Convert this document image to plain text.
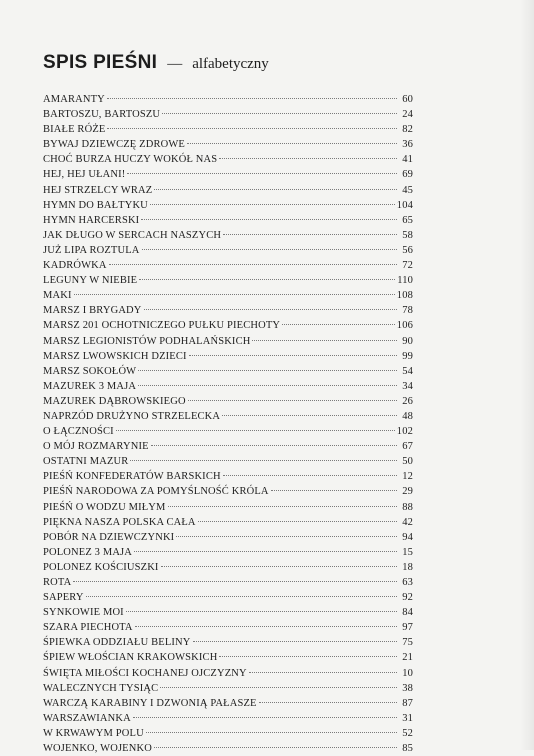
SPIS PIEŚNI — alfabetyczny
AMARANTY	60
BARTOSZU, BARTOSZU	24
BIAŁE RÓŻE	82
BYWAJ DZIEWCZĘ ZDROWE	36
CHOĆ BURZA HUCZY WOKÓŁ NAS	41
HEJ, HEJ UŁANI!	69
HEJ STRZELCY WRAZ	45
HYMN DO BAŁTYKU	104
HYMN HARCERSKI	65
JAK DŁUGO W SERCACH NASZYCH	58
JUŻ LIPA ROZTULA	56
KADRÓWKA	72
LEGUNY W NIEBIE	110
MAKI	108
MARSZ I BRYGADY	78
MARSZ 201 OCHOTNICZEGO PUŁKU PIECHOTY	106
MARSZ LEGIONISTÓW PODHALAŃSKICH	90
MARSZ LWOWSKICH DZIECI	99
MARSZ SOKOŁÓW	54
MAZUREK 3 MAJA	34
MAZUREK DĄBROWSKIEGO	26
NAPRZÓD DRUŻYNO STRZELECKA	48
O ŁĄCZNOŚCI	102
O MÓJ ROZMARYNIE	67
OSTATNI MAZUR	50
PIEŚŃ KONFEDERATÓW BARSKICH	12
PIEŚŃ NARODOWA ZA POMYŚLNOŚĆ KRÓLA	29
PIEŚŃ O WODZU MIŁYM	88
PIĘKNA NASZA POLSKA CAŁA	42
POBÓR NA DZIEWCZYNKI	94
POLONEZ 3 MAJA	15
POLONEZ KOŚCIUSZKI	18
ROTA	63
SAPERY	92
SYNKOWIE MOI	84
SZARA PIECHOTA	97
ŚPIEWKA ODDZIAŁU BELINY	75
ŚPIEW WŁOŚCIAN KRAKOWSKICH	21
ŚWIĘTA MIŁOŚCI KOCHANEJ OJCZYZNY	10
WALECZNYCH TYSIĄC	38
WARCZĄ KARABINY I DZWONIĄ PAŁASZE	87
WARSZAWIANKA	31
W KRWAWYM POLU	52
WOJENKO, WOJENKO	85
